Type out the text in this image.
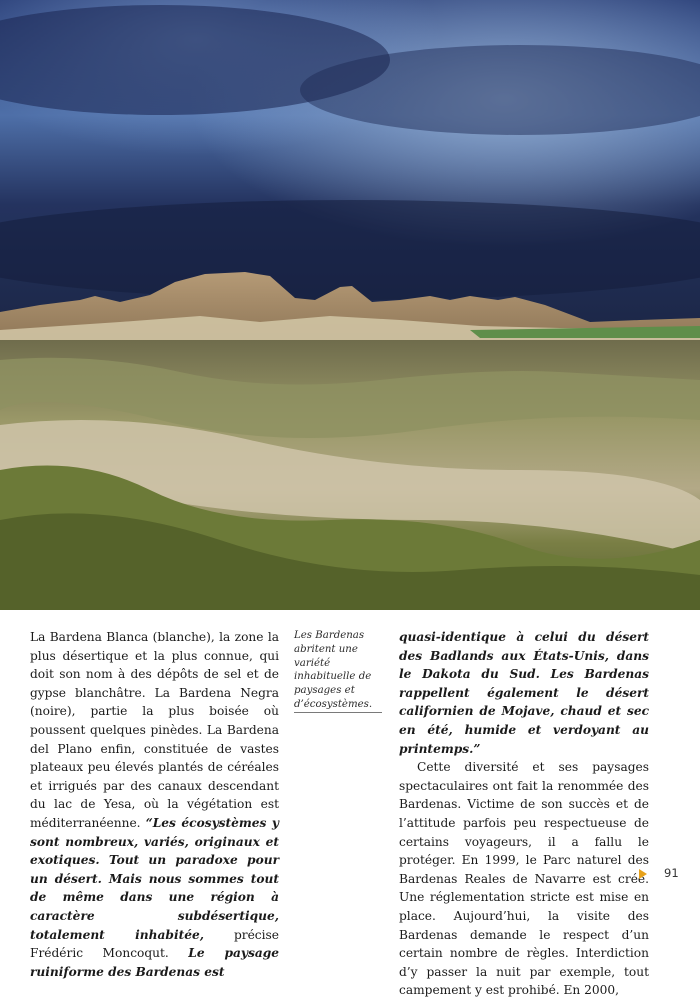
La Bardena Blanca (blanche), la zone la plus désertique et la plus connue, qui doit son nom à des dépôts de sel et de gypse blanchâtre. La Bardena Negra (noire), partie la plus boisée où poussent quelques pinèdes. La Bardena del Plano enfin, constituée de vastes plateaux peu élevés plantés de céréales et irrigués par des canaux descendant du lac de Yesa, où la végétation est méditerranéenne. “Les écosystèmes y sont nombreux, variés, originaux et exotiques. Tout un paradoxe pour un désert. Mais nous sommes tout de même dans une région à caractère subdésertique, totalement inhabitée, précise Frédéric Moncoqut. Le paysage ruiniforme des Bardenas est

Les Bardenas abritent une variété inhabituelle de paysages et d’écosystèmes.

quasi-identique à celui du désert des Badlands aux États-Unis, dans le Dakota du Sud. Les Bardenas rappellent également le désert californien de Mojave, chaud et sec en été, humide et verdoyant au printemps.”

Cette diversité et ses paysages spectaculaires ont fait la renommée des Bardenas. Victime de son succès et de l’attitude parfois peu respectueuse de certains voyageurs, il a fallu le protéger. En 1999, le Parc naturel des Bardenas Reales de Navarre est créé. Une réglementation stricte est mise en place. Aujourd’hui, la visite des Bardenas demande le respect d’un certain nombre de règles. Interdiction d’y passer la nuit par exemple, tout campement y est prohibé. En 2000,

91
